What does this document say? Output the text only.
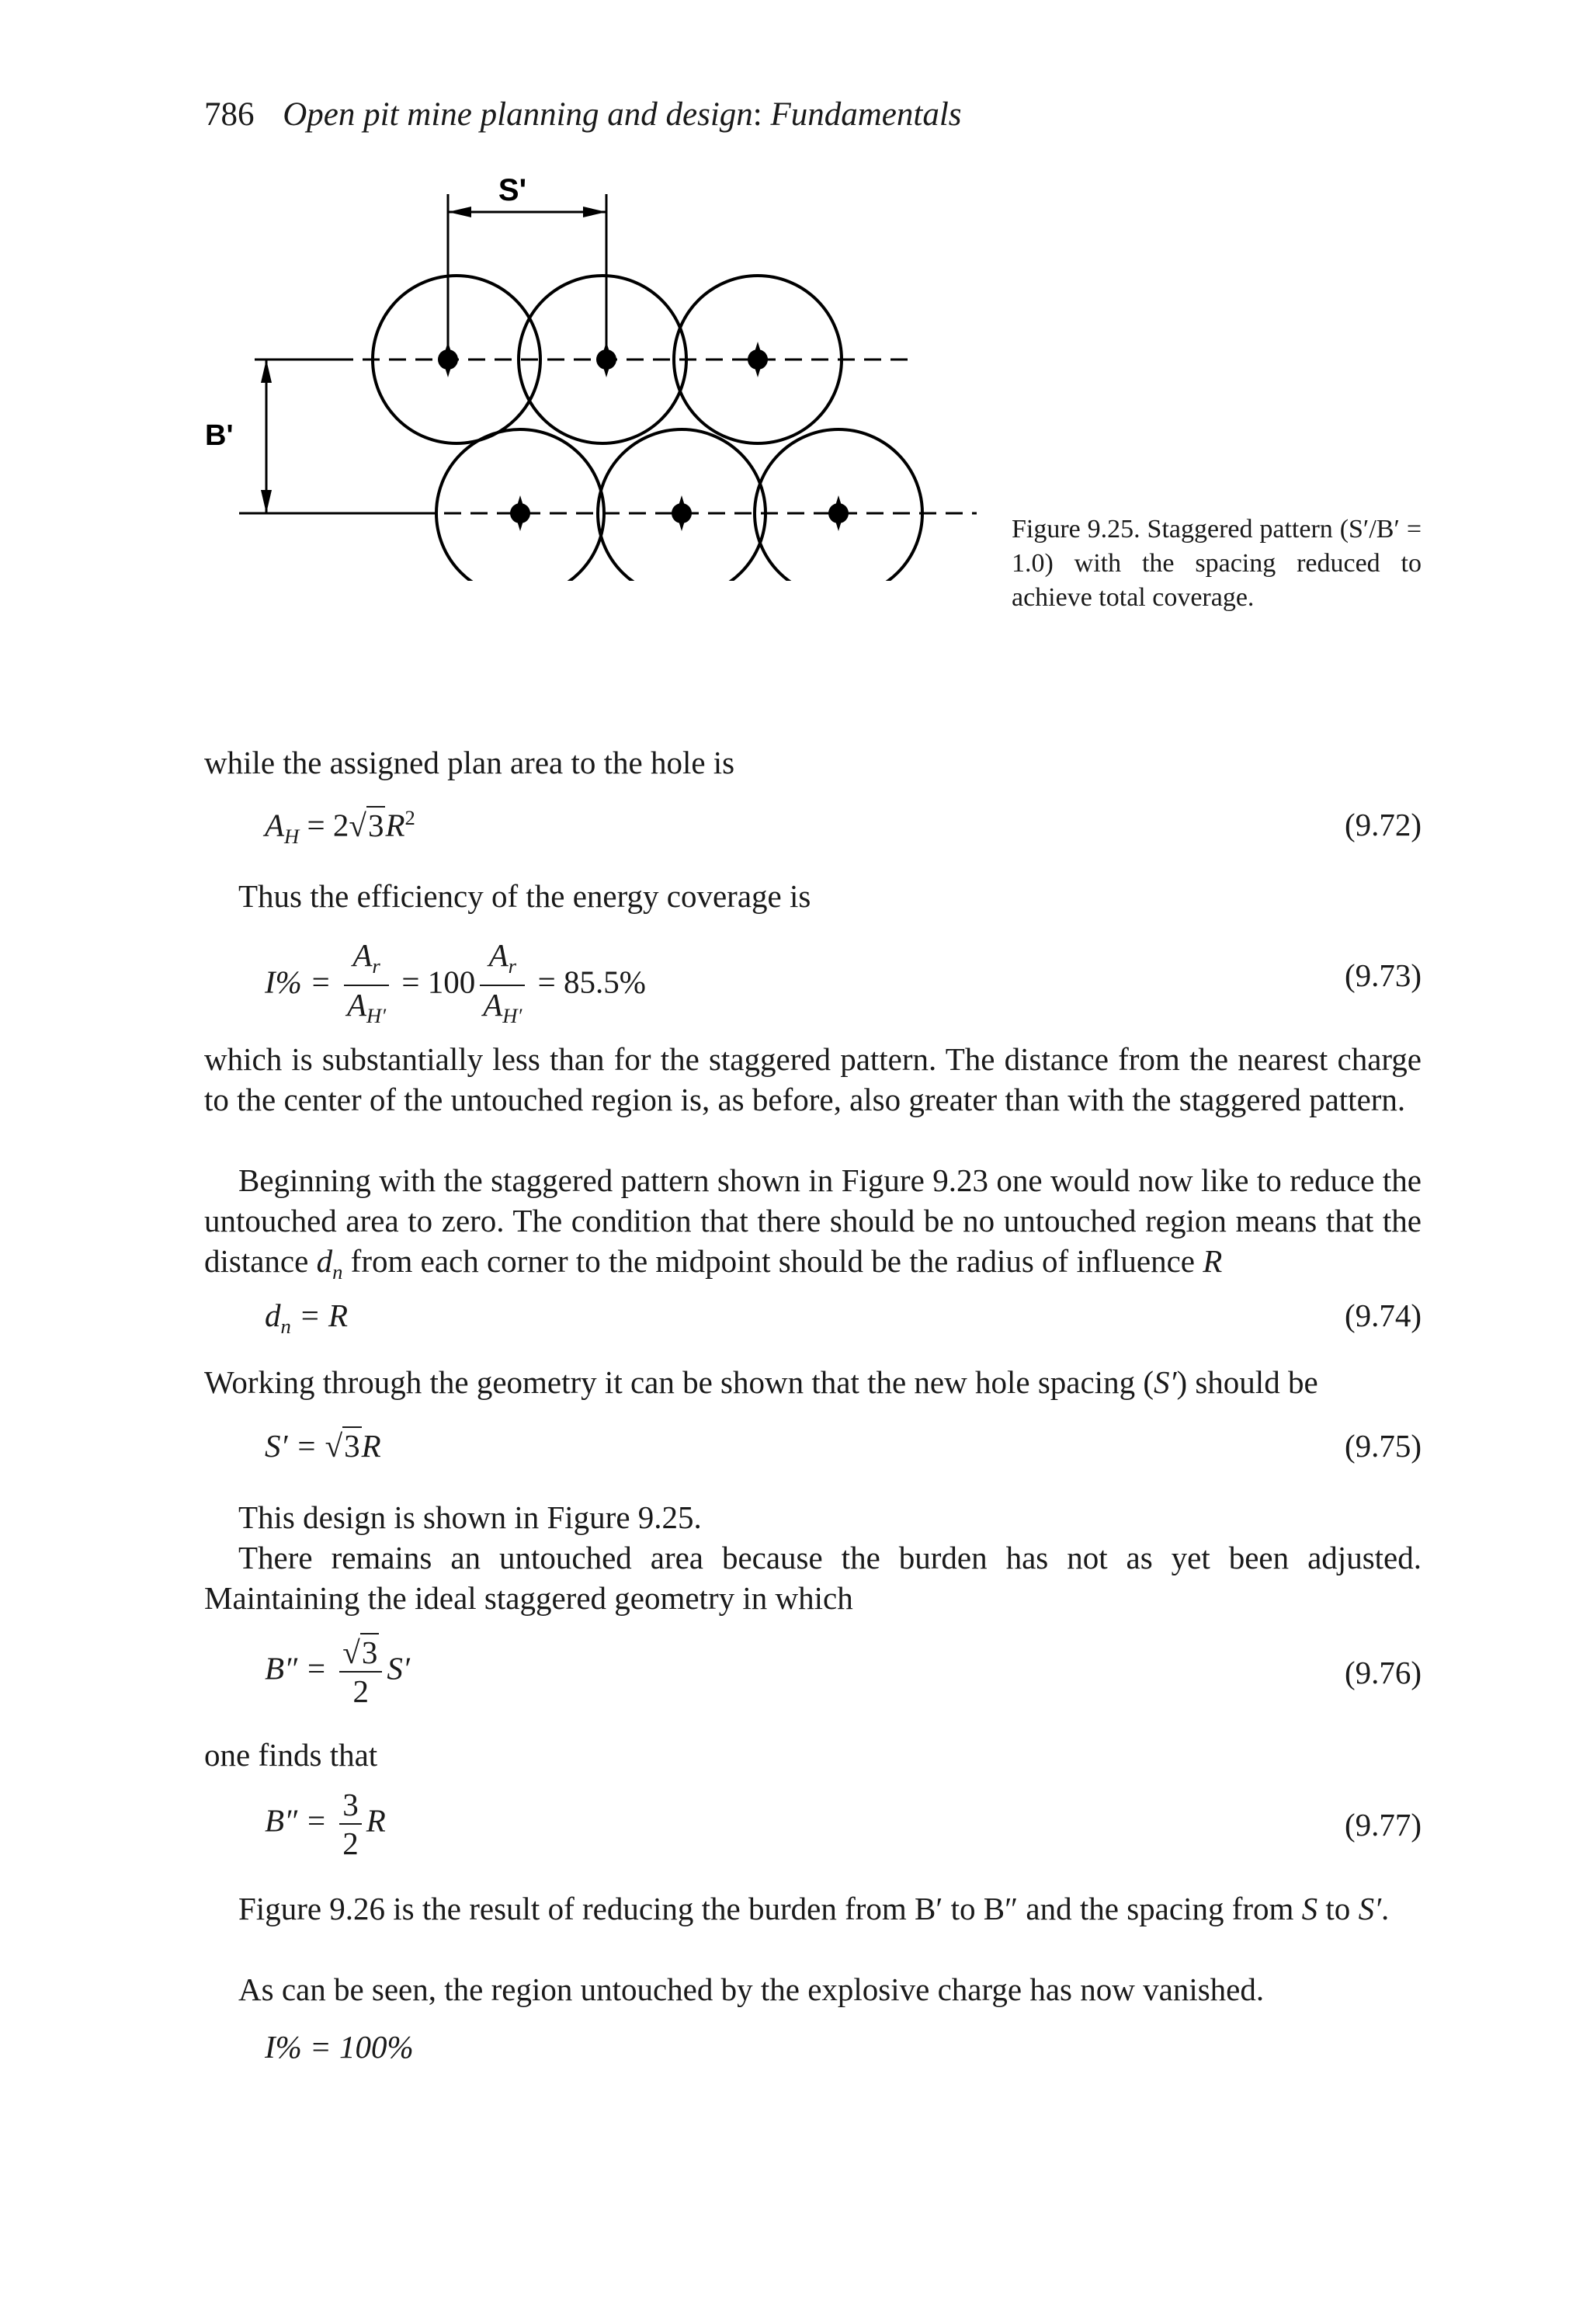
786 Open pit mine planning and design: Fundamentals
S'
B'
Figure 9.25. Staggered pattern (S′/B′ = 1.0) with the spacing reduced to achieve total coverage.
while the assigned plan area to the hole is
$A_H = 2√3R^2$	(9.72)
Thus the efficiency of the energy coverage is
$I\% = \frac{A_r}{A_{H'}} = 100 \frac{A_r}{A_{H'}} = 85.5\%$	(9.73)
which is substantially less than for the staggered pattern. The distance from the nearest charge to the center of the untouched region is, as before, also greater than with the staggered pattern.
Beginning with the staggered pattern shown in Figure 9.23 one would now like to reduce the untouched area to zero. The condition that there should be no untouched region means that the distance $d_n$ from each corner to the midpoint should be the radius of influence R
$d_n = R$	(9.74)
Working through the geometry it can be shown that the new hole spacing (S′) should be
S′ = √3R	(9.75)
This design is shown in Figure 9.25.
There remains an untouched area because the burden has not as yet been adjusted. Maintaining the ideal staggered geometry in which
$B'' = \frac{√3}{2} S'$	(9.76)
one finds that
$B'' = \frac{3}{2}$ R	(9.77)
Figure 9.26 is the result of reducing the burden from B′ to B″ and the spacing from S to S′.
As can be seen, the region untouched by the explosive charge has now vanished.
I% = 100%
